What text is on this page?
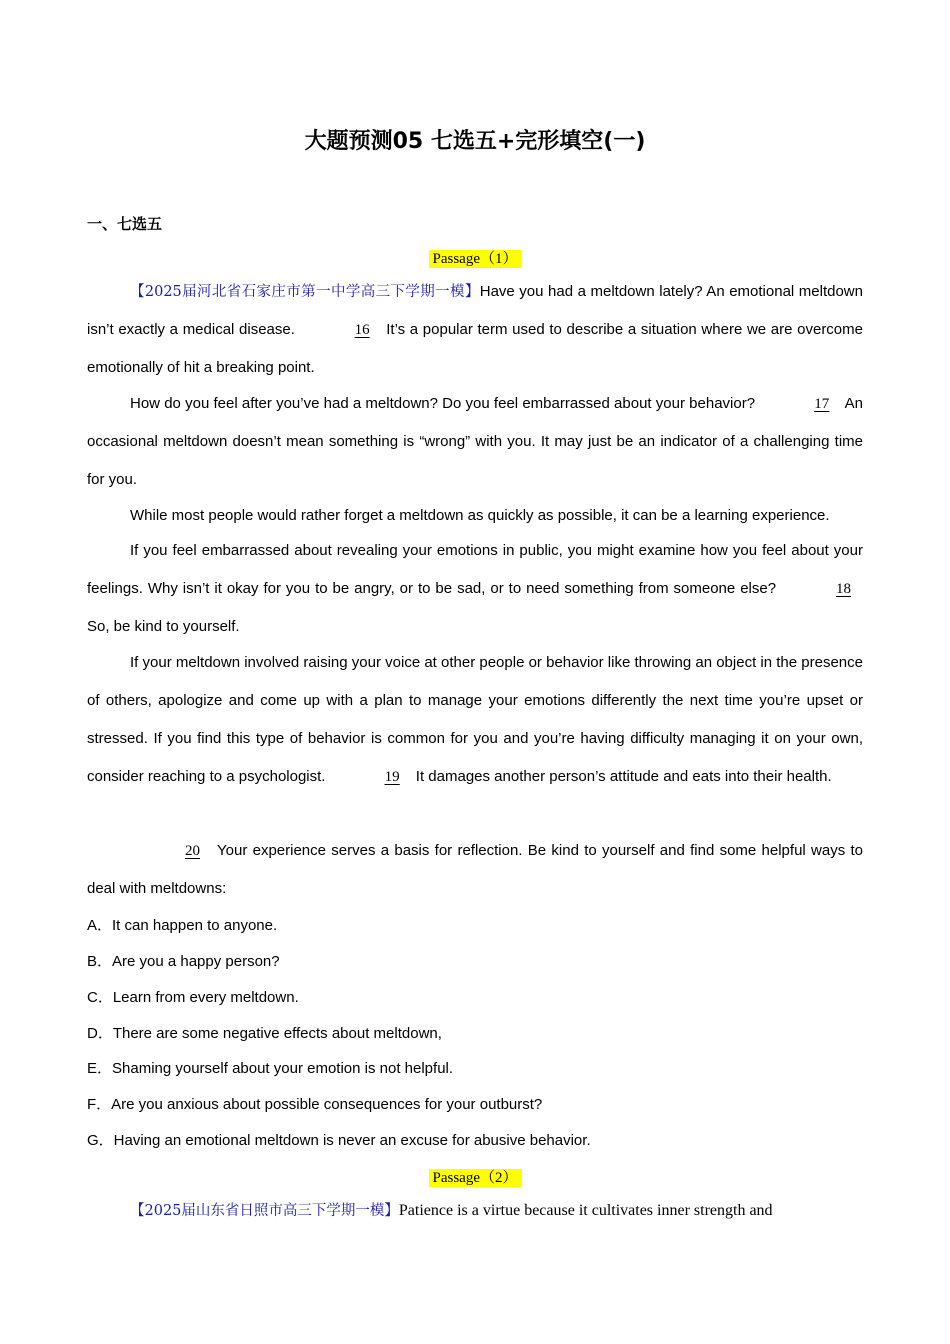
大题预测05 七选五+完形填空(一)
一、七选五
Passage（1）
【2025届河北省石家庄市第一中学高三下学期一模】Have you had a meltdown lately? An emotional meltdown isn’t exactly a medical disease.	16 It’s a popular term used to describe a situation where we are overcome emotionally of hit a breaking point.
How do you feel after you’ve had a meltdown? Do you feel embarrassed about your behavior?	17 An occasional meltdown doesn’t mean something is “wrong” with you. It may just be an indicator of a challenging time for you.
While most people would rather forget a meltdown as quickly as possible, it can be a learning experience.
If you feel embarrassed about revealing your emotions in public, you might examine how you feel about your feelings. Why isn’t it okay for you to be angry, or to be sad, or to need something from someone else?	18 So, be kind to yourself.
If your meltdown involved raising your voice at other people or behavior like throwing an object in the presence of others, apologize and come up with a plan to manage your emotions differently the next time you’re upset or stressed. If you find this type of behavior is common for you and you’re having difficulty managing it on your own, consider reaching to a psychologist.	19 It damages another person’s attitude and eats into their health.
20 Your experience serves a basis for reflection. Be kind to yourself and find some helpful ways to deal with meltdowns:
A．It can happen to anyone.
B．Are you a happy person?
C．Learn from every meltdown.
D．There are some negative effects about meltdown,
E．Shaming yourself about your emotion is not helpful.
F．Are you anxious about possible consequences for your outburst?
G．Having an emotional meltdown is never an excuse for abusive behavior.
Passage（2）
【2025届山东省日照市高三下学期一模】Patience is a virtue because it cultivates inner strength and
